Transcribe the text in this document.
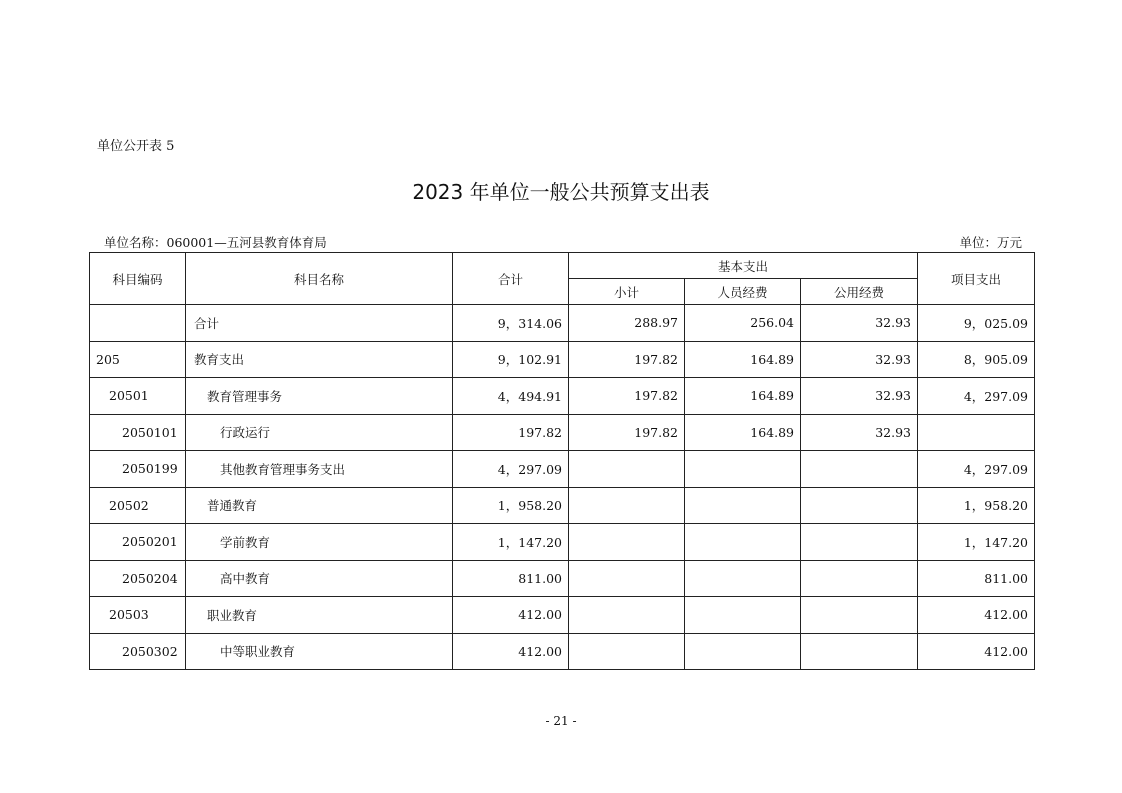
单位公开表 5
2023 年单位一般公共预算支出表
单位名称：060001—五河县教育体育局	单位：万元
科目编码	科目名称	合计	基本支出			项目支出
			小计	人员经费	公用经费	
	合计	9，314.06	288.97	256.04	32.93	9，025.09
205	教育支出	9，102.91	197.82	164.89	32.93	8，905.09
20501	教育管理事务	4，494.91	197.82	164.89	32.93	4，297.09
2050101	行政运行	197.82	197.82	164.89	32.93	
2050199	其他教育管理事务支出	4，297.09				4，297.09
20502	普通教育	1，958.20				1，958.20
2050201	学前教育	1，147.20				1，147.20
2050204	高中教育	811.00				811.00
20503	职业教育	412.00				412.00
2050302	中等职业教育	412.00				412.00
- 21 -
